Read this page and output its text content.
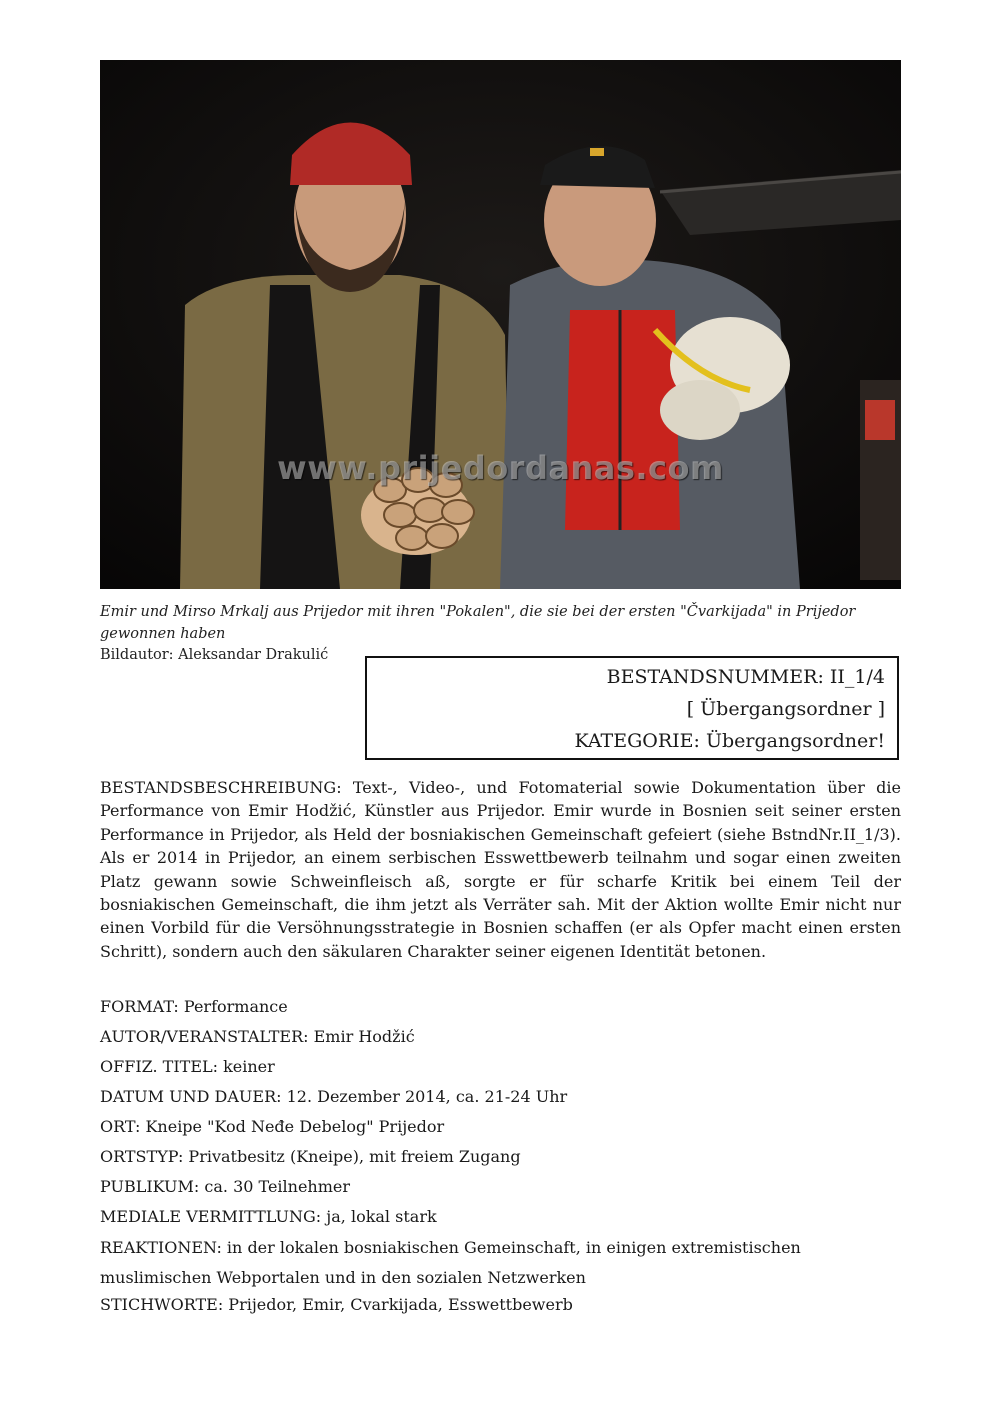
www.prijedordanas.com
Emir und Mirso Mrkalj aus Prijedor mit ihren "Pokalen", die sie bei der ersten "Čvarkijada" in Prijedor gewonnen haben
Bildautor: Aleksandar Drakulić
BESTANDSNUMMER: II_1/4
[ Übergangsordner ]
KATEGORIE: Übergangsordner!
BESTANDSBESCHREIBUNG: Text-, Video-, und Fotomaterial sowie Dokumentation über die Performance von Emir Hodžić, Künstler aus Prijedor. Emir wurde in Bosnien seit seiner ersten Performance in Prijedor, als Held der bosniakischen Gemeinschaft gefeiert (siehe BstndNr.II_1/3). Als er 2014 in Prijedor, an einem serbischen Esswettbewerb teilnahm und sogar einen zweiten Platz gewann sowie Schweinfleisch aß, sorgte er für scharfe Kritik bei einem Teil der bosniakischen Gemeinschaft, die ihm jetzt als Verräter sah. Mit der Aktion wollte Emir nicht nur einen Vorbild für die Versöhnungsstrategie in Bosnien schaffen (er als Opfer macht einen ersten Schritt), sondern auch den säkularen Charakter seiner eigenen Identität betonen.
FORMAT: Performance
AUTOR/VERANSTALTER: Emir Hodžić
OFFIZ. TITEL: keiner
DATUM UND DAUER: 12. Dezember 2014, ca. 21-24 Uhr
ORT: Kneipe "Kod Neđe Debelog" Prijedor
ORTSTYP: Privatbesitz (Kneipe), mit freiem Zugang
PUBLIKUM: ca. 30 Teilnehmer
MEDIALE VERMITTLUNG: ja, lokal stark
REAKTIONEN: in der lokalen bosniakischen Gemeinschaft, in einigen extremistischen
muslimischen Webportalen und in den sozialen Netzwerken
STICHWORTE: Prijedor, Emir, Cvarkijada, Esswettbewerb
